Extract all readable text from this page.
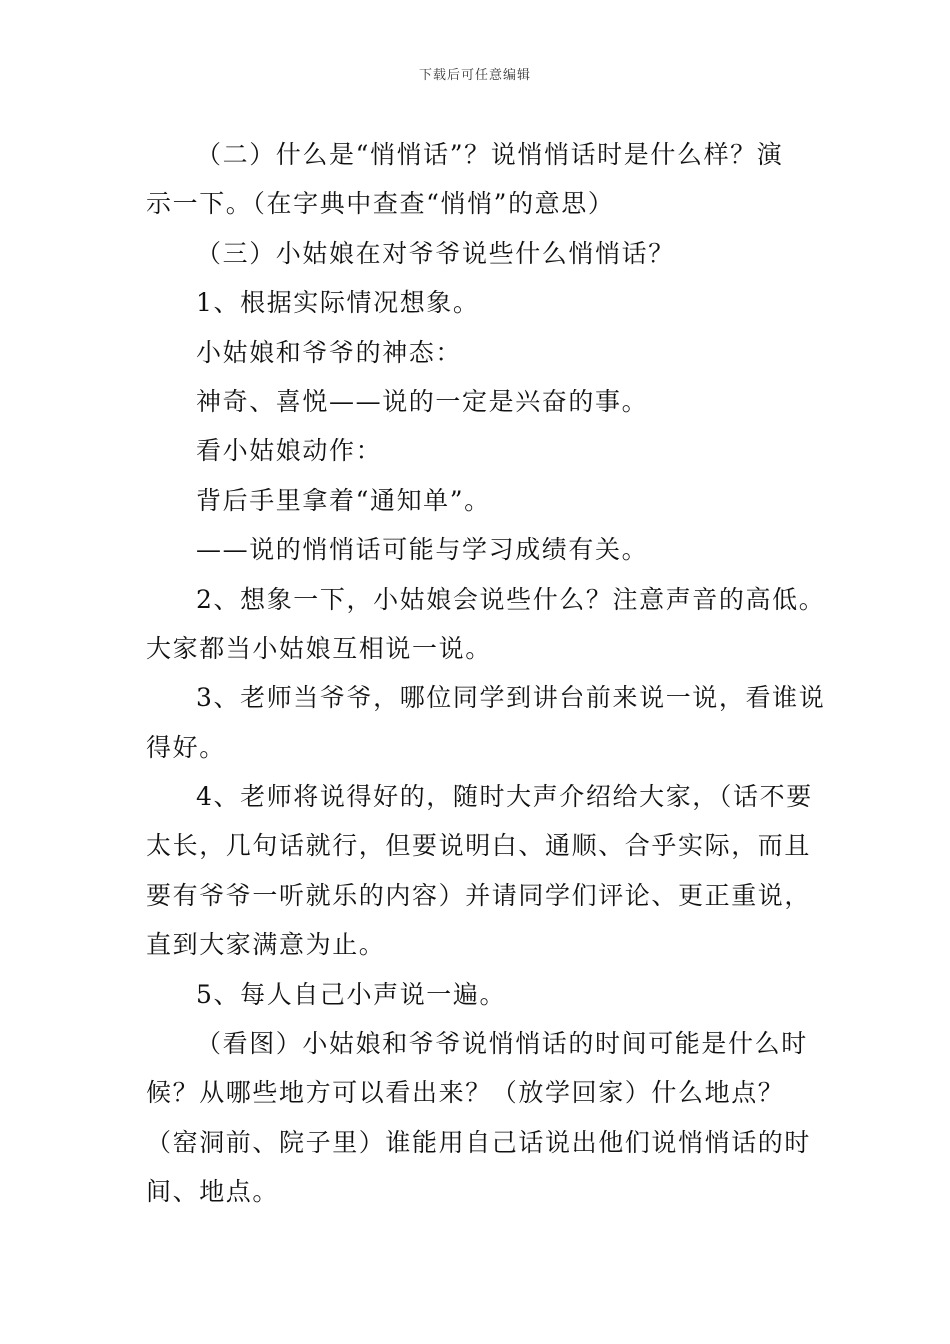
下载后可任意编辑
（二）什么是“悄悄话”？说悄悄话时是什么样？演
示一下。（在字典中查查“悄悄”的意思）
（三）小姑娘在对爷爷说些什么悄悄话？
1、根据实际情况想象。
小姑娘和爷爷的神态：
神奇、喜悦——说的一定是兴奋的事。
看小姑娘动作：
背后手里拿着“通知单”。
——说的悄悄话可能与学习成绩有关。
2、想象一下，小姑娘会说些什么？注意声音的高低。
大家都当小姑娘互相说一说。
3、老师当爷爷，哪位同学到讲台前来说一说，看谁说
得好。
4、老师将说得好的，随时大声介绍给大家，（话不要
太长，几句话就行，但要说明白、通顺、合乎实际，而且
要有爷爷一听就乐的内容）并请同学们评论、更正重说，
直到大家满意为止。
5、每人自己小声说一遍。
（看图）小姑娘和爷爷说悄悄话的时间可能是什么时
候？从哪些地方可以看出来？（放学回家）什么地点？
（窑洞前、院子里）谁能用自己话说出他们说悄悄话的时
间、地点。
